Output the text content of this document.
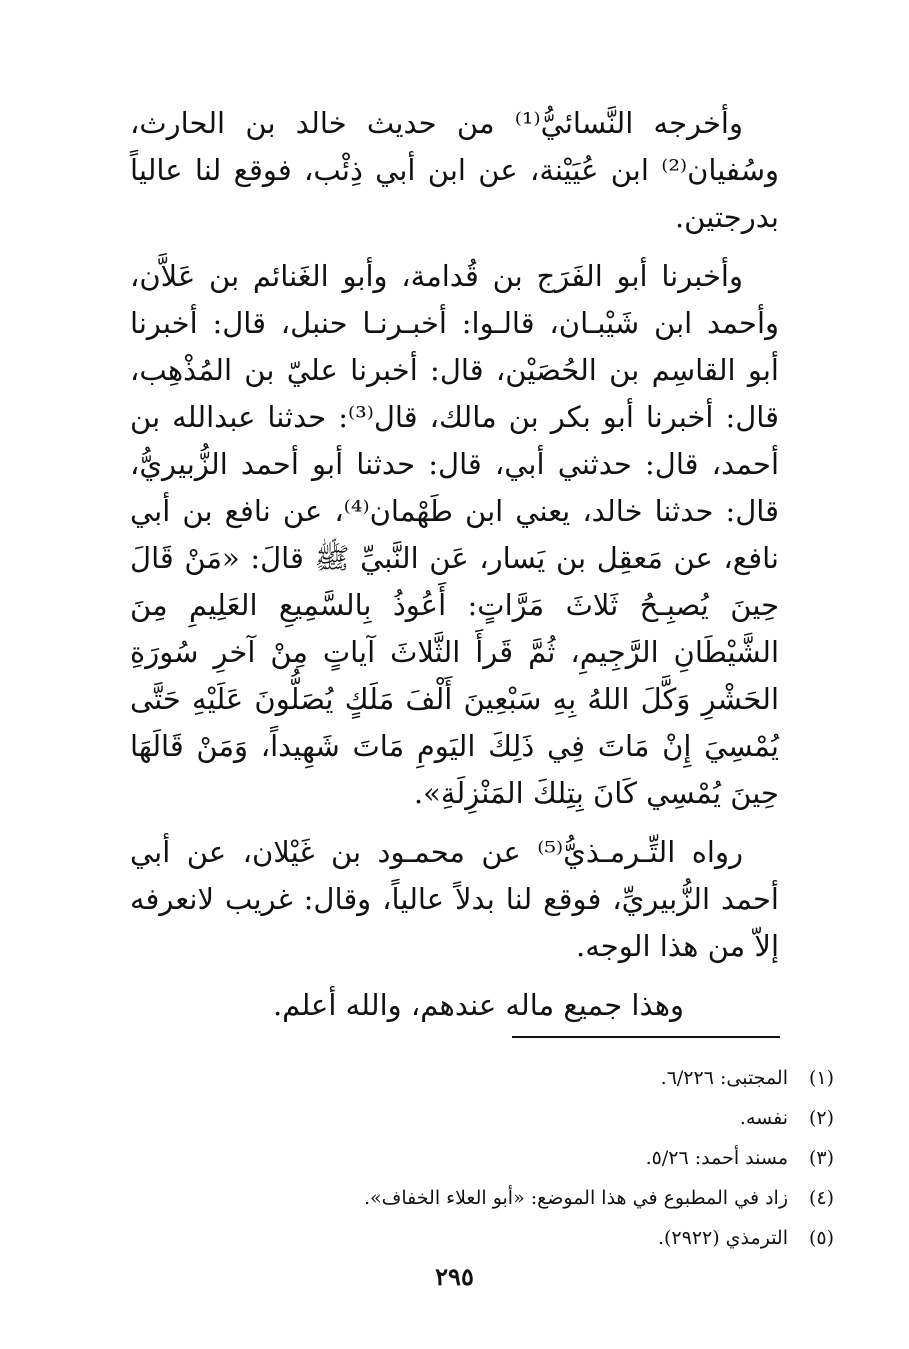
وأخرجه النَّسائيُّ⁽¹⁾ من حديث خالد بن الحارث، وسُفيان⁽²⁾ ابن عُيَيْنة، عن ابن أبي ذِئْب، فوقع لنا عالياً بدرجتين.

وأخبرنا أبو الفَرَج بن قُدامة، وأبو الغَنائم بن عَلاَّن، وأحمد ابن شَيْبـان، قالـوا: أخبـرنـا حنبل، قال: أخبرنا أبو القاسِم بن الحُصَيْن، قال: أخبرنا عليّ بن المُذْهِب، قال: أخبرنا أبو بكر بن مالك، قال⁽³⁾: حدثنا عبدالله بن أحمد، قال: حدثني أبي، قال: حدثنا أبو أحمد الزُّبيريُّ، قال: حدثنا خالد، يعني ابن طَهْمان⁽⁴⁾، عن نافع بن أبي نافع، عن مَعقِل بن يَسار، عَن النَّبيِّ ﷺ قالَ: «مَنْ قَالَ حِينَ يُصبِـحُ ثَلاثَ مَرَّاتٍ: أَعُوذُ بِالسَّمِيعِ العَلِيمِ مِنَ الشَّيْطَانِ الرَّجِيمِ، ثُمَّ قَرأَ الثَّلاثَ آياتٍ مِنْ آخرِ سُورَةِ الحَشْرِ وَكَّلَ اللهُ بِهِ سَبْعِينَ أَلْفَ مَلَكٍ يُصَلُّونَ عَلَيْهِ حَتَّى يُمْسِيَ إِنْ مَاتَ فِي ذَلِكَ اليَومِ مَاتَ شَهِيداً، وَمَنْ قَالَهَا حِينَ يُمْسِي كَانَ بِتِلكَ المَنْزِلَةِ».

رواه التِّـرمـذيُّ⁽⁵⁾ عن محمـود بن غَيْلان، عن أبي أحمد الزُّبيريِّ، فوقع لنا بدلاً عالياً، وقال: غريب لانعرفه إلاّ من هذا الوجه.

وهذا جميع ماله عندهم، والله أعلم.

(١)
المجتبى: ٦/٢٢٦.
(٢)
نفسه.
(٣)
مسند أحمد: ٥/٢٦.
(٤)
زاد في المطبوع في هذا الموضع: «أبو العلاء الخفاف».
(٥)
الترمذي (٢٩٢٢).
٢٩٥
